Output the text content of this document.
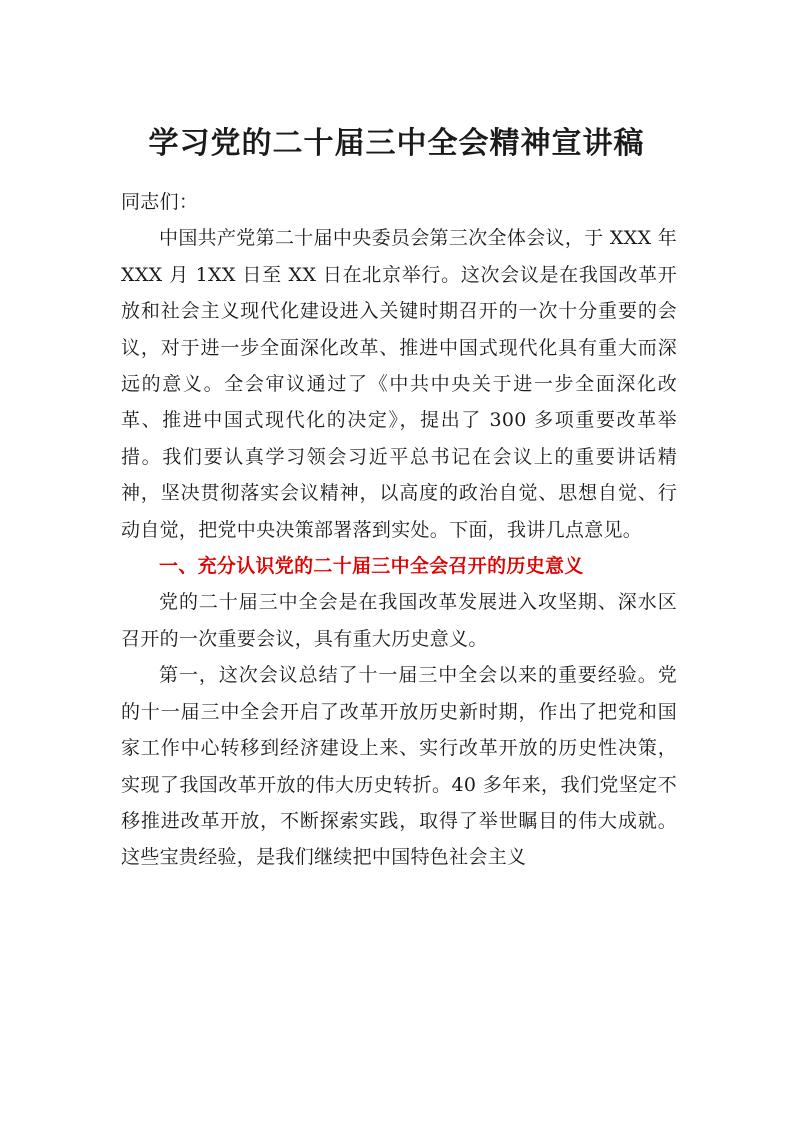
学习党的二十届三中全会精神宣讲稿

同志们：

中国共产党第二十届中央委员会第三次全体会议，于 XXX 年 XXX 月 1XX 日至 XX 日在北京举行。这次会议是在我国改革开放和社会主义现代化建设进入关键时期召开的一次十分重要的会议，对于进一步全面深化改革、推进中国式现代化具有重大而深远的意义。全会审议通过了《中共中央关于进一步全面深化改革、推进中国式现代化的决定》，提出了 300 多项重要改革举措。我们要认真学习领会习近平总书记在会议上的重要讲话精神，坚决贯彻落实会议精神，以高度的政治自觉、思想自觉、行动自觉，把党中央决策部署落到实处。下面，我讲几点意见。

一、充分认识党的二十届三中全会召开的历史意义

党的二十届三中全会是在我国改革发展进入攻坚期、深水区召开的一次重要会议，具有重大历史意义。

第一，这次会议总结了十一届三中全会以来的重要经验。党的十一届三中全会开启了改革开放历史新时期，作出了把党和国家工作中心转移到经济建设上来、实行改革开放的历史性决策，实现了我国改革开放的伟大历史转折。40 多年来，我们党坚定不移推进改革开放，不断探索实践，取得了举世瞩目的伟大成就。这些宝贵经验，是我们继续把中国特色社会主义
